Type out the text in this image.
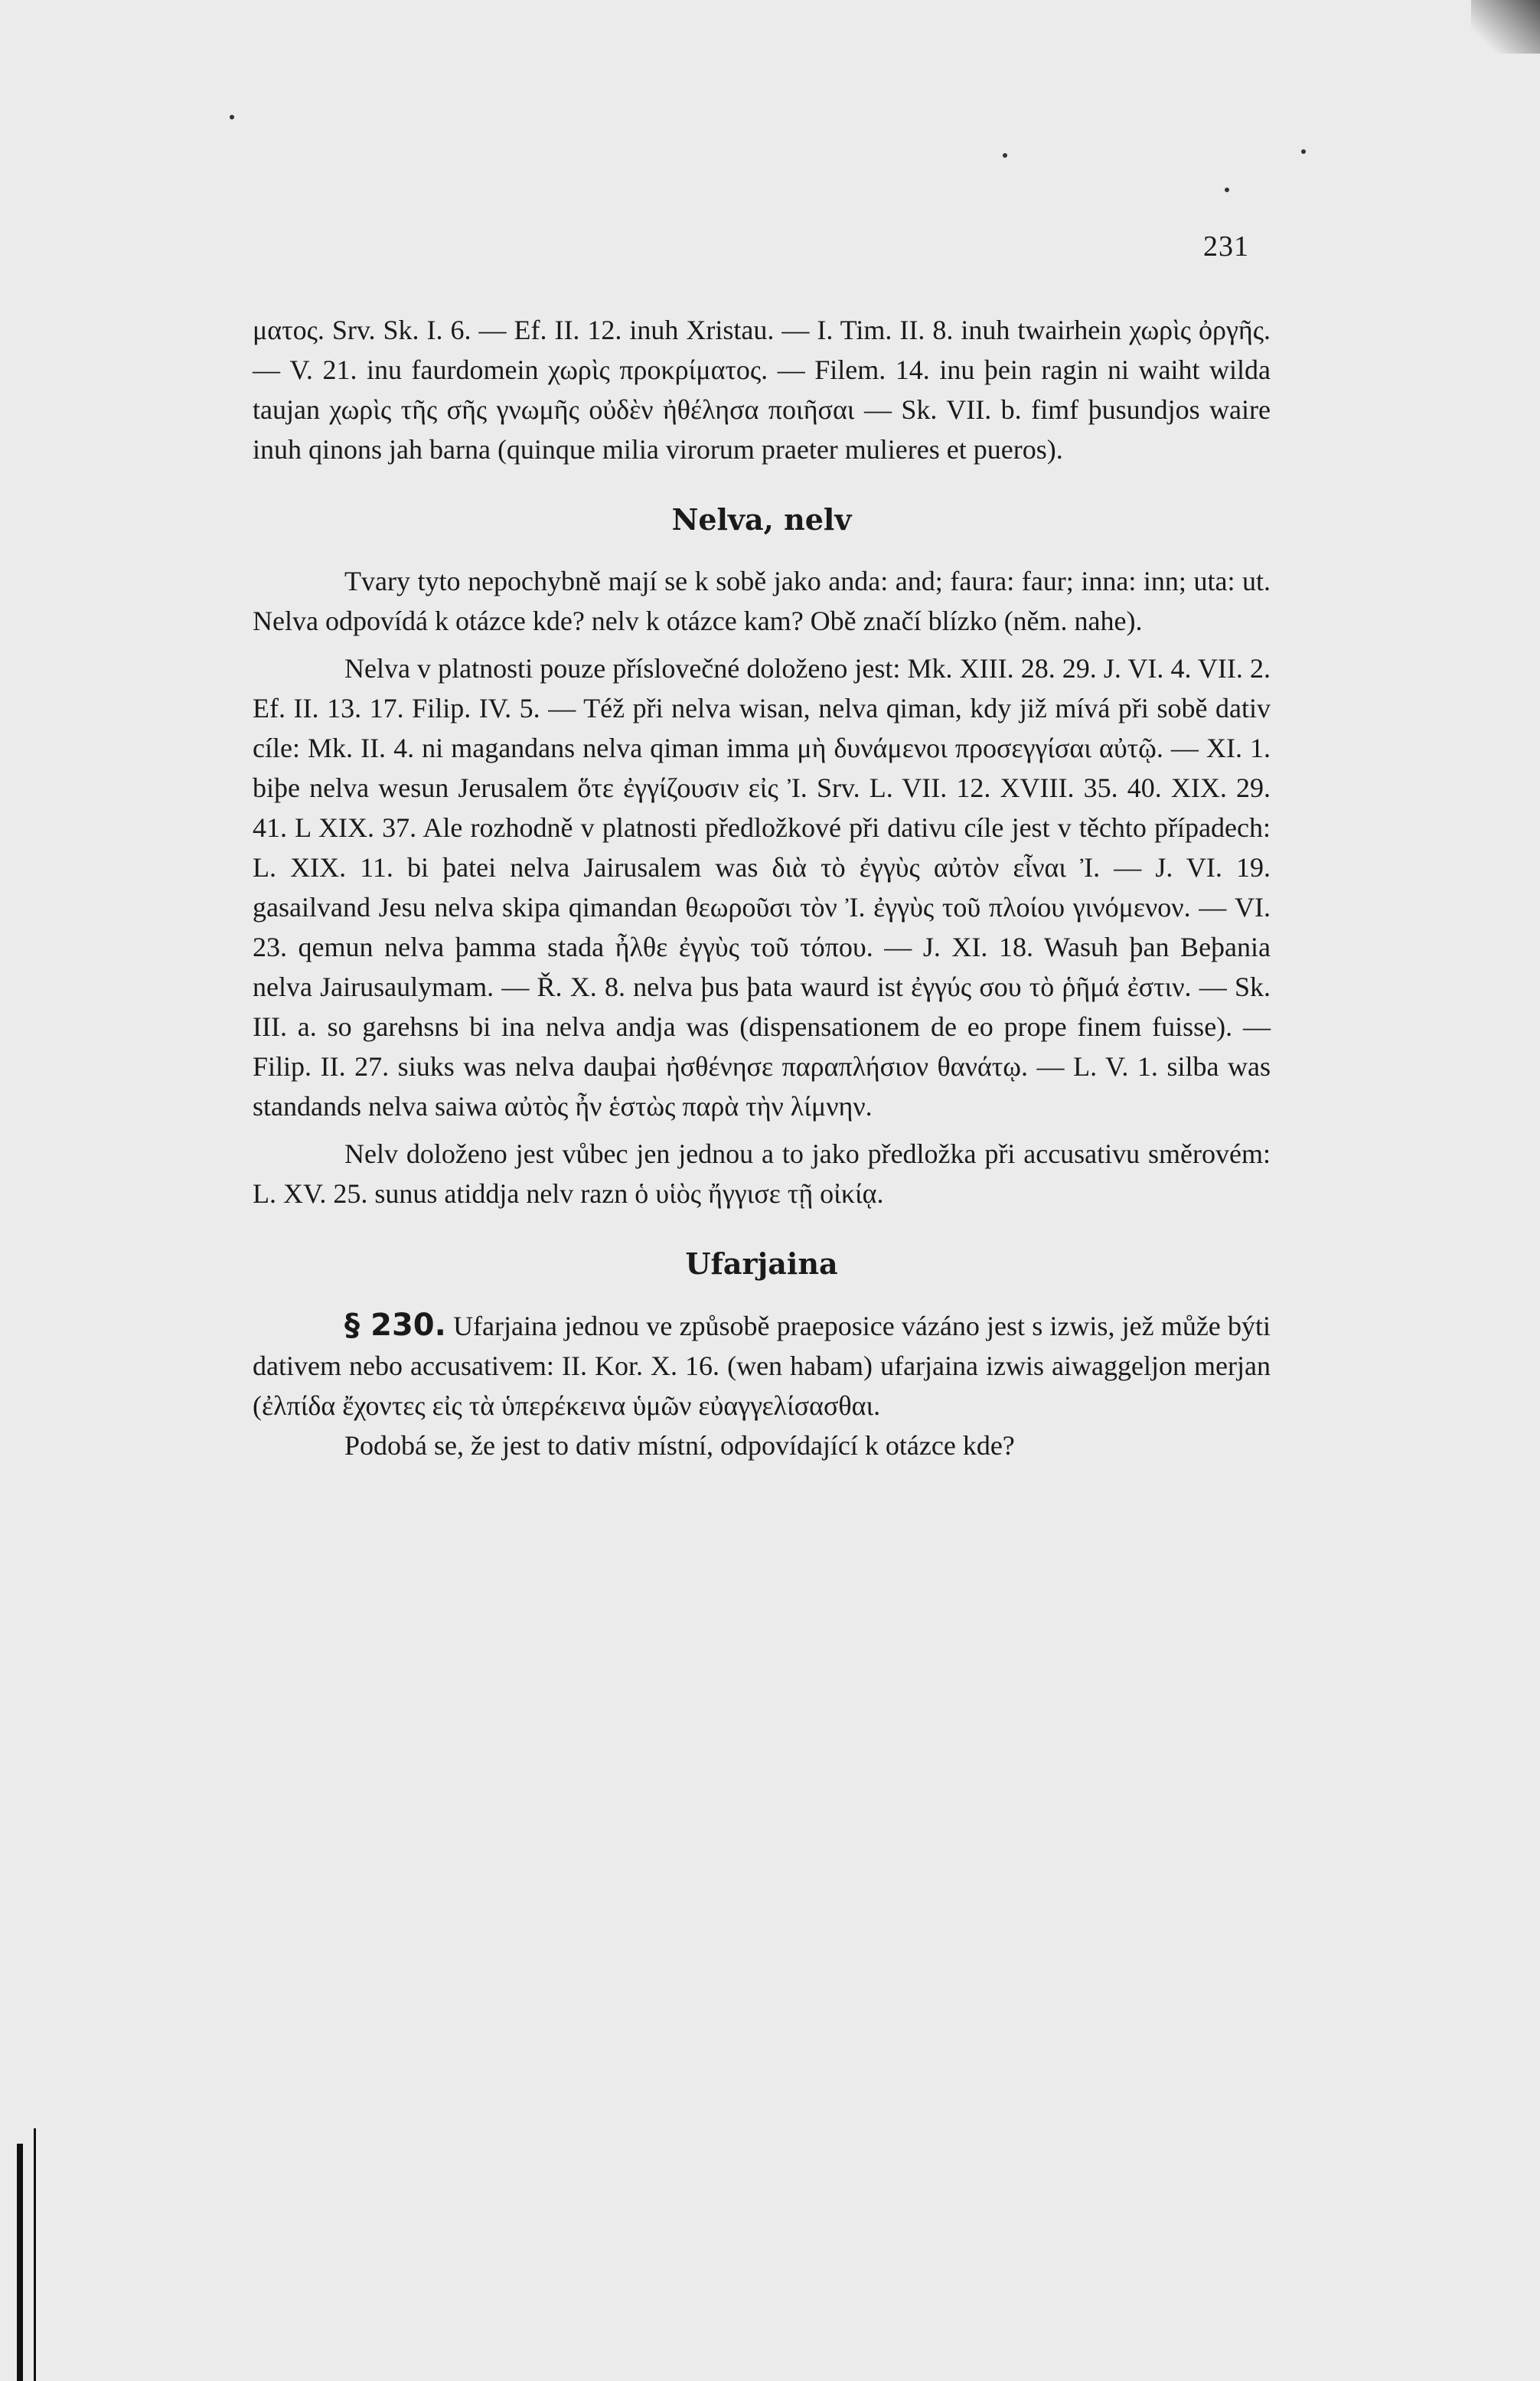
231

ματος. Srv. Sk. I. 6. — Ef. II. 12. inuh Xristau. — I. Tim. II. 8. inuh twairhein χωρὶς ὀργῆς. — V. 21. inu faurdomein χωρὶς προκρίματος. — Filem. 14. inu þein ragin ni waiht wilda taujan χωρὶς τῆς σῆς γνωμῆς οὐδὲν ἠθέλησα ποιῆσαι — Sk. VII. b. fimf þusundjos waire inuh qinons jah barna (quinque milia virorum praeter mulieres et pueros).

Nelva, nelv

Tvary tyto nepochybně mají se k sobě jako anda: and; faura: faur; inna: inn; uta: ut. Nelva odpovídá k otázce kde? nelv k otázce kam? Obě značí blízko (něm. nahe).

Nelva v platnosti pouze příslovečné doloženo jest: Mk. XIII. 28. 29. J. VI. 4. VII. 2. Ef. II. 13. 17. Filip. IV. 5. — Též při nelva wisan, nelva qiman, kdy již mívá při sobě dativ cíle: Mk. II. 4. ni magandans nelva qiman imma μὴ δυνάμενοι προσεγγίσαι αὐτῷ. — XI. 1. biþe nelva wesun Jerusalem ὅτε ἐγγίζουσιν εἰς Ἰ. Srv. L. VII. 12. XVIII. 35. 40. XIX. 29. 41. L XIX. 37. Ale rozhodně v platnosti předložkové při dativu cíle jest v těchto případech: L. XIX. 11. bi þatei nelva Jairusalem was διὰ τὸ ἐγγὺς αὐτὸν εἶναι Ἰ. — J. VI. 19. gasailvand Jesu nelva skipa qimandan θεωροῦσι τὸν Ἰ. ἐγγὺς τοῦ πλοίου γινόμενον. — VI. 23. qemun nelva þamma stada ἦλθε ἐγγὺς τοῦ τόπου. — J. XI. 18. Wasuh þan Beþania nelva Jairusaulymam. — Ř. X. 8. nelva þus þata waurd ist ἐγγύς σου τὸ ῥῆμά ἐστιν. — Sk. III. a. so garehsns bi ina nelva andja was (dispensationem de eo prope finem fuisse). — Filip. II. 27. siuks was nelva dauþai ἠσθένησε παραπλήσιον θανάτῳ. — L. V. 1. silba was standands nelva saiwa αὐτὸς ἦν ἑστὼς παρὰ τὴν λίμνην.

Nelv doloženo jest vůbec jen jednou a to jako předložka při accusativu směrovém: L. XV. 25. sunus atiddja nelv razn ὁ υἱὸς ἤγγισε τῇ οἰκίᾳ.

Ufarjaina

§ 230. Ufarjaina jednou ve způsobě praeposice vázáno jest s izwis, jež může býti dativem nebo accusativem: II. Kor. X. 16. (wen habam) ufarjaina izwis aiwaggeljon merjan (ἐλπίδα ἔχοντες εἰς τὰ ὑπερέκεινα ὑμῶν εὐαγγελίσασθαι.

Podobá se, že jest to dativ místní, odpovídající k otázce kde?
